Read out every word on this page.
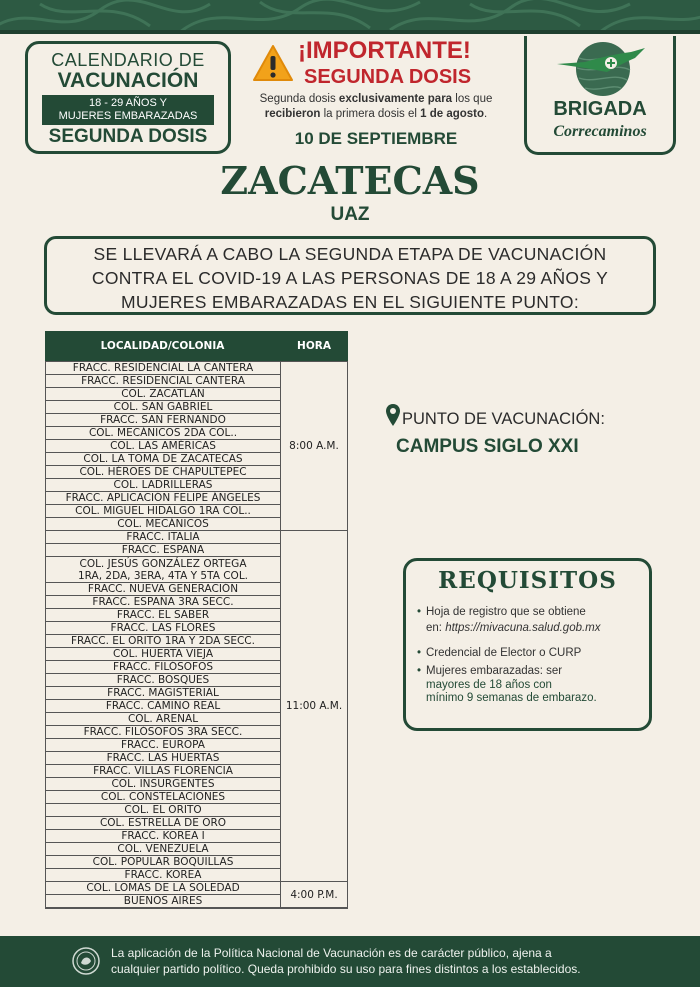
CALENDARIO DE
VACUNACIÓN
18 - 29 AÑOS Y
MUJERES EMBARAZADAS
SEGUNDA DOSIS
¡IMPORTANTE!
SEGUNDA DOSIS
Segunda dosis exclusivamente para los que
recibieron la primera dosis el 1 de agosto.
10 DE SEPTIEMBRE
BRIGADA
Correcaminos
ZACATECAS
UAZ
SE LLEVARÁ A CABO LA SEGUNDA ETAPA DE VACUNACIÓN
CONTRA EL COVID-19 A LAS PERSONAS DE 18 A 29 AÑOS Y
MUJERES EMBARAZADAS EN EL SIGUIENTE PUNTO:
LOCALIDAD/COLONIA	HORA
FRACC. RESIDENCIAL LA CANTERA
FRACC. RESIDENCIAL CANTERA
COL. ZACATLÁN
COL. SAN GABRIEL
FRACC. SAN FERNANDO
COL. MECÁNICOS 2DA COL..
COL. LAS AMÉRICAS
COL. LA TOMA DE ZACATECAS
COL. HÉROES DE CHAPULTEPEC
COL. LADRILLERAS
FRACC. APLICACIÓN FELIPE ÁNGELES
COL. MIGUEL HIDALGO 1RA COL..
COL. MECÁNICOS
FRACC. ITALIA
FRACC. ESPAÑA
COL. JESÚS GONZÁLEZ ORTEGA
1RA, 2DA, 3ERA, 4TA Y 5TA COL.
FRACC. NUEVA GENERACIÓN
FRACC. ESPAÑA 3RA SECC.
FRACC. EL SABER
FRACC. LAS FLORES
FRACC. EL ORITO 1RA Y 2DA SECC.
COL. HUERTA VIEJA
FRACC. FILÓSOFOS
FRACC. BOSQUES
FRACC. MAGISTERIAL
FRACC. CAMINO REAL
COL. ARENAL
FRACC. FILÓSOFOS 3RA SECC.
FRACC. EUROPA
FRACC. LAS HUERTAS
FRACC. VILLAS FLORENCIA
COL. INSURGENTES
COL. CONSTELACIONES
COL. EL ORITO
COL. ESTRELLA DE ORO
FRACC. KOREA I
COL. VENEZUELA
COL. POPULAR BOQUILLAS
FRACC. KOREA
COL. LOMAS DE LA SOLEDAD
BUENOS AIRES
8:00 A.M.
11:00 A.M.
4:00 P.M.
PUNTO DE VACUNACIÓN:
CAMPUS SIGLO XXI
REQUISITOS
• Hoja de registro que se obtiene
en: https://mivacuna.salud.gob.mx
• Credencial de Elector o CURP
• Mujeres embarazadas: ser
mayores de 18 años con
mínimo 9 semanas de embarazo.
La aplicación de la Política Nacional de Vacunación es de carácter público, ajena a
cualquier partido político. Queda prohibido su uso para fines distintos a los establecidos.
